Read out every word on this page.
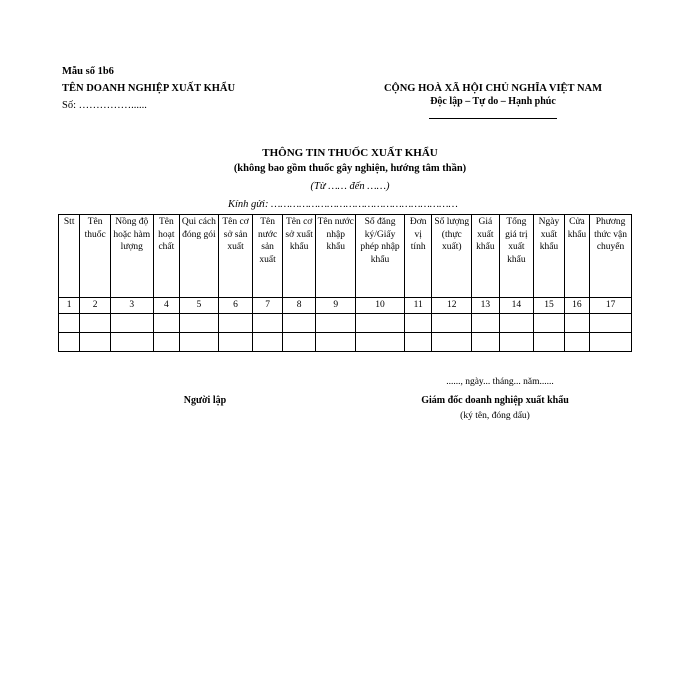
Mẫu số 1b6
TÊN DOANH NGHIỆP XUẤT KHẨU
Số: ……………......
CỘNG HOÀ XÃ HỘI CHỦ NGHĨA VIỆT NAM
Độc lập – Tự do – Hạnh phúc
THÔNG TIN THUỐC XUẤT KHẨU
(không bao gồm thuốc gây nghiện, hướng tâm thần)
(Từ …… đến ……)
Kính gửi: ……………………………………………………
Stt	Tên thuốc	Nồng độ hoặc hàm lượng	Tên hoạt chất	Qui cách đóng gói	Tên cơ sở sản xuất	Tên nước sản xuất	Tên cơ sở xuất khẩu	Tên nước nhập khẩu	Số đăng ký/Giấy phép nhập khẩu	Đơn vị tính	Số lượng (thực xuất)	Giá xuất khẩu	Tổng giá trị xuất khẩu	Ngày xuất khẩu	Cửa khẩu	Phương thức vận chuyển
1	2	3	4	5	6	7	8	9	10	11	12	13	14	15	16	17

......, ngày... tháng... năm......
Người lập	Giám đốc doanh nghiệp xuất khẩu
(ký tên, đóng dấu)
